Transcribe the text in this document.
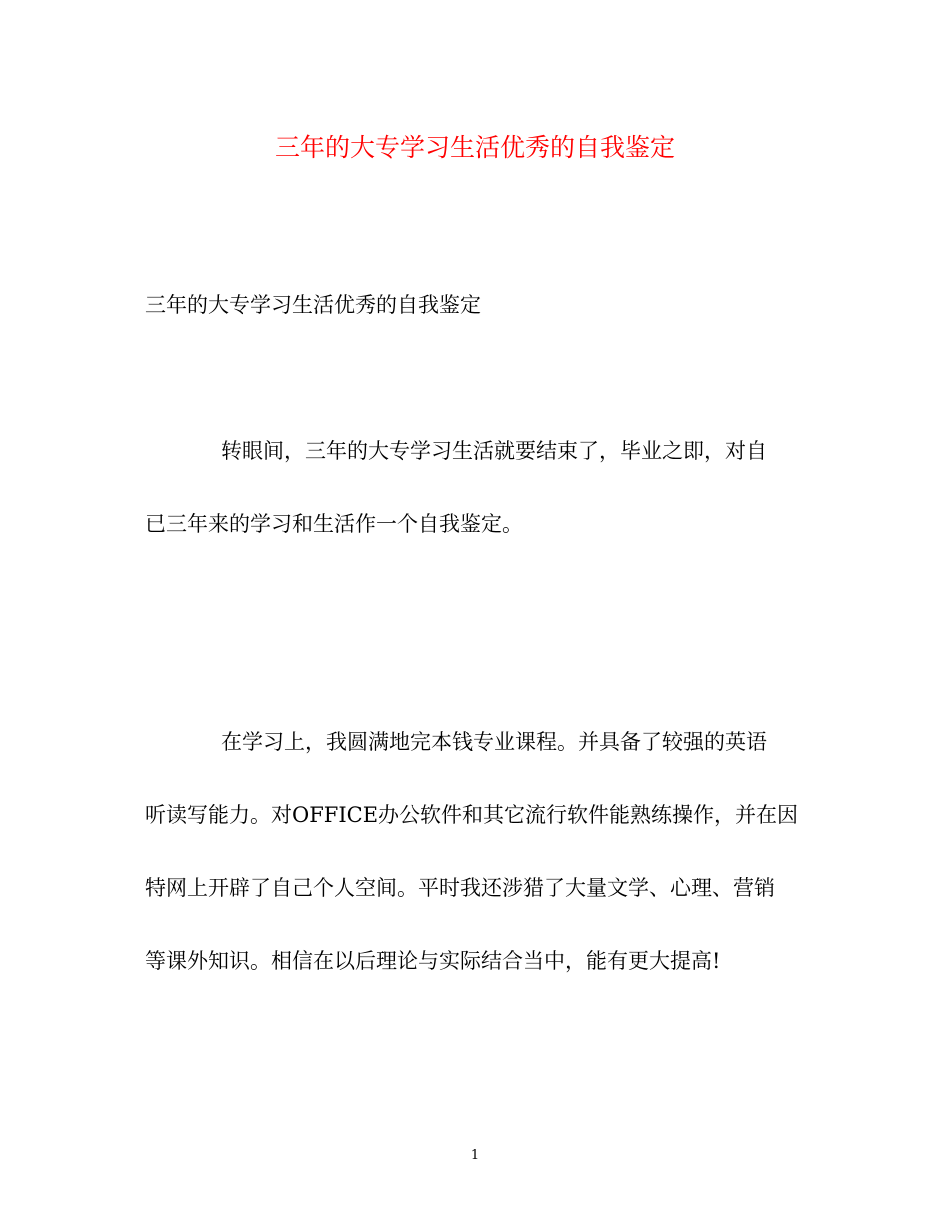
三年的大专学习生活优秀的自我鉴定
三年的大专学习生活优秀的自我鉴定
转眼间，三年的大专学习生活就要结束了，毕业之即，对自
已三年来的学习和生活作一个自我鉴定。
在学习上，我圆满地完本钱专业课程。并具备了较强的英语
听读写能力。对OFFICE办公软件和其它流行软件能熟练操作，并在因
特网上开辟了自己个人空间。平时我还涉猎了大量文学、心理、营销
等课外知识。相信在以后理论与实际结合当中，能有更大提高!
1
